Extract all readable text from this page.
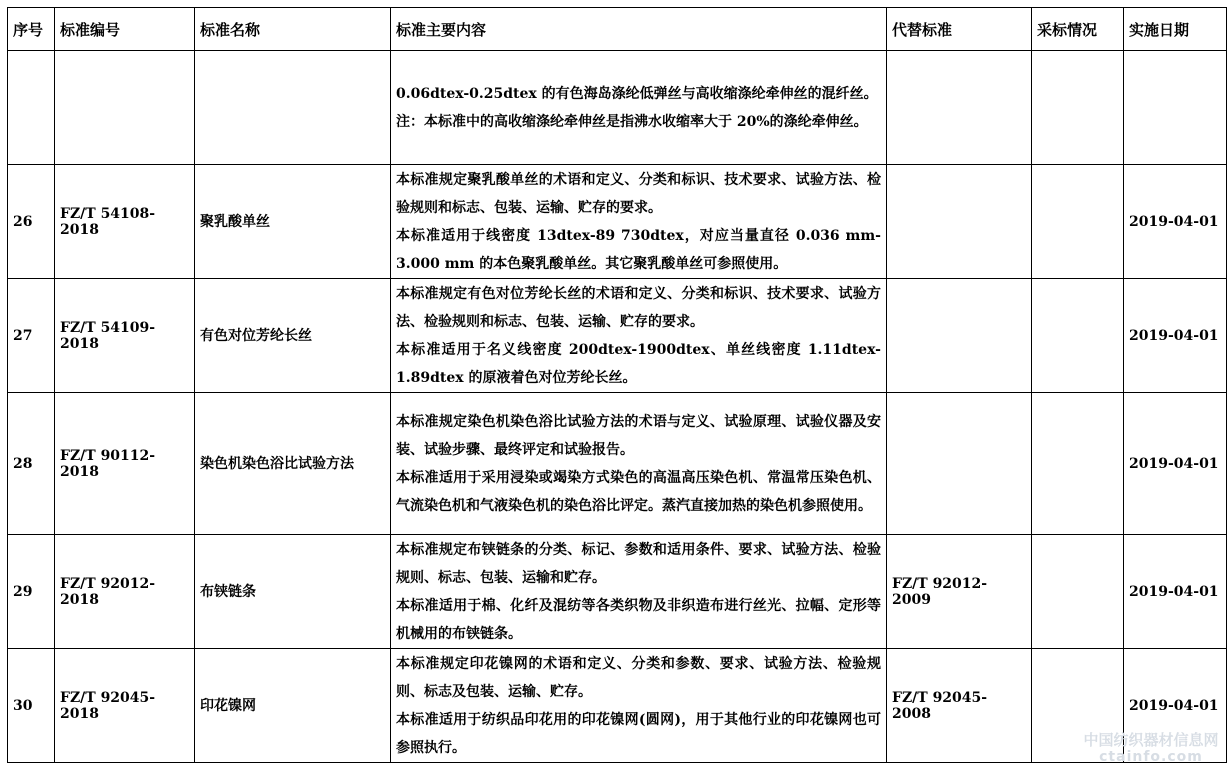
序号	标准编号	标准名称	标准主要内容	代替标准	采标情况	实施日期

			0.06dtex-0.25dtex 的有色海岛涤纶低弹丝与高收缩涤纶牵伸丝的混纤丝。

注：本标准中的高收缩涤纶牵伸丝是指沸水收缩率大于 20%的涤纶牵伸丝。			

26	FZ/T 54108-2018	聚乳酸单丝	本标准规定聚乳酸单丝的术语和定义、分类和标识、技术要求、试验方法、检验规则和标志、包装、运输、贮存的要求。

本标准适用于线密度 13dtex-89 730dtex，对应当量直径 0.036 mm-3.000 mm 的本色聚乳酸单丝。其它聚乳酸单丝可参照使用。			2019-04-01
27	FZ/T 54109-2018	有色对位芳纶长丝	本标准规定有色对位芳纶长丝的术语和定义、分类和标识、技术要求、试验方法、检验规则和标志、包装、运输、贮存的要求。

本标准适用于名义线密度 200dtex-1900dtex、单丝线密度 1.11dtex-1.89dtex 的原液着色对位芳纶长丝。			2019-04-01
28	FZ/T 90112-2018	染色机染色浴比试验方法	本标准规定染色机染色浴比试验方法的术语与定义、试验原理、试验仪器及安装、试验步骤、最终评定和试验报告。

本标准适用于采用浸染或竭染方式染色的高温高压染色机、常温常压染色机、气流染色机和气液染色机的染色浴比评定。蒸汽直接加热的染色机参照使用。			2019-04-01
29	FZ/T 92012-2018	布铗链条	本标准规定布铗链条的分类、标记、参数和适用条件、要求、试验方法、检验规则、标志、包装、运输和贮存。

本标准适用于棉、化纤及混纺等各类织物及非织造布进行丝光、拉幅、定形等机械用的布铗链条。	FZ/T 92012-2009		2019-04-01
30	FZ/T 92045-2018	印花镍网	本标准规定印花镍网的术语和定义、分类和参数、要求、试验方法、检验规则、标志及包装、运输、贮存。

本标准适用于纺织品印花用的印花镍网(圆网)，用于其他行业的印花镍网也可参照执行。	FZ/T 92045-2008		2019-04-01
中国纺织器材信息网
ctainfo.com
